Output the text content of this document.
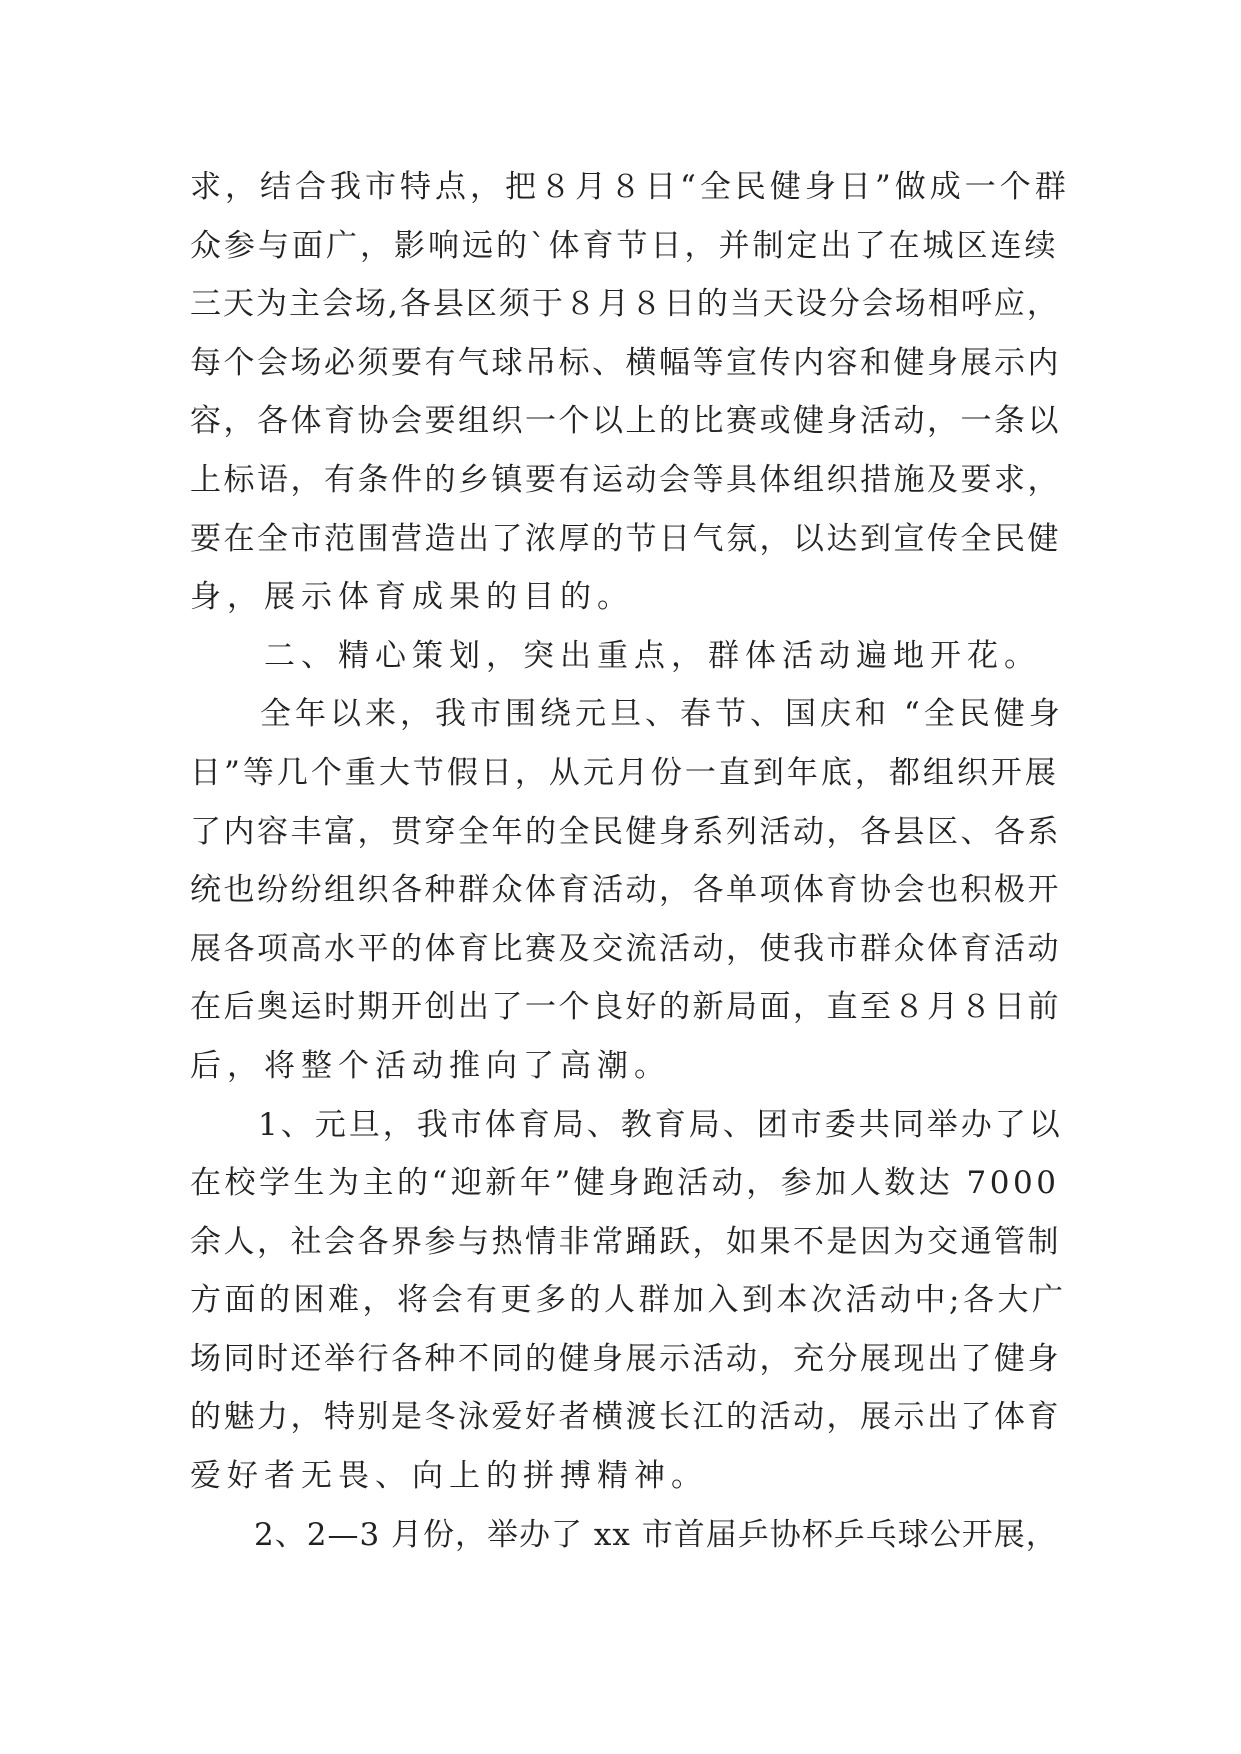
求，结合我市特点，把８月８日“全民健身日”做成一个群
众参与面广，影响远的`体育节日，并制定出了在城区连续
三天为主会场,各县区须于８月８日的当天设分会场相呼应，
每个会场必须要有气球吊标、横幅等宣传内容和健身展示内
容，各体育协会要组织一个以上的比赛或健身活动，一条以
上标语，有条件的乡镇要有运动会等具体组织措施及要求，
要在全市范围营造出了浓厚的节日气氛，以达到宣传全民健
身，展示体育成果的目的。
　　二、精心策划，突出重点，群体活动遍地开花。
　　全年以来，我市围绕元旦、春节、国庆和 “全民健身
日”等几个重大节假日，从元月份一直到年底，都组织开展
了内容丰富，贯穿全年的全民健身系列活动，各县区、各系
统也纷纷组织各种群众体育活动，各单项体育协会也积极开
展各项高水平的体育比赛及交流活动，使我市群众体育活动
在后奥运时期开创出了一个良好的新局面，直至８月８日前
后，将整个活动推向了高潮。
　　1、元旦，我市体育局、教育局、团市委共同举办了以
在校学生为主的“迎新年”健身跑活动，参加人数达 7000
余人，社会各界参与热情非常踊跃，如果不是因为交通管制
方面的困难，将会有更多的人群加入到本次活动中;各大广
场同时还举行各种不同的健身展示活动，充分展现出了健身
的魅力，特别是冬泳爱好者横渡长江的活动，展示出了体育
爱好者无畏、向上的拼搏精神。
　　2、2—3 月份，举办了 xx 市首届乒协杯乒乓球公开展，
